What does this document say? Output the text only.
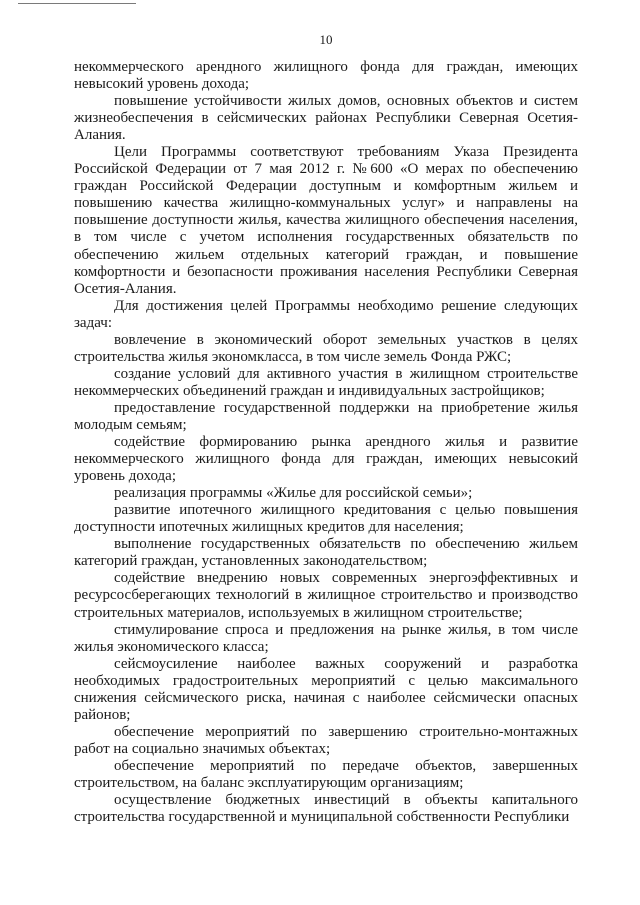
10

некоммерческого арендного жилищного фонда для граждан, имеющих невысокий уровень дохода;

повышение устойчивости жилых домов, основных объектов и систем жизнеобеспечения в сейсмических районах Республики Северная Осетия-Алания.

Цели Программы соответствуют требованиям Указа Президента Российской Федерации от 7 мая 2012 г. №600 «О мерах по обеспечению граждан Российской Федерации доступным и комфортным жильем и повышению качества жилищно-коммунальных услуг» и направлены на повышение доступности жилья, качества жилищного обеспечения населения, в том числе с учетом исполнения государственных обязательств по обеспечению жильем отдельных категорий граждан, и повышение комфортности и безопасности проживания населения Республики Северная Осетия-Алания.

Для достижения целей Программы необходимо решение следующих задач:

вовлечение в экономический оборот земельных участков в целях строительства жилья экономкласса, в том числе земель Фонда РЖС;

создание условий для активного участия в жилищном строительстве некоммерческих объединений граждан и индивидуальных застройщиков;

предоставление государственной поддержки на приобретение жилья молодым семьям;

содействие формированию рынка арендного жилья и развитие некоммерческого жилищного фонда для граждан, имеющих невысокий уровень дохода;

реализация программы «Жилье для российской семьи»;

развитие ипотечного жилищного кредитования с целью повышения доступности ипотечных жилищных кредитов для населения;

выполнение государственных обязательств по обеспечению жильем категорий граждан, установленных законодательством;

содействие внедрению новых современных энергоэффективных и ресурсосберегающих технологий в жилищное строительство и производство строительных материалов, используемых в жилищном строительстве;

стимулирование спроса и предложения на рынке жилья, в том числе жилья экономического класса;

сейсмоусиление наиболее важных сооружений и разработка необходимых градостроительных мероприятий с целью максимального снижения сейсмического риска, начиная с наиболее сейсмически опасных районов;

обеспечение мероприятий по завершению строительно-монтажных работ на социально значимых объектах;

обеспечение мероприятий по передаче объектов, завершенных строительством, на баланс эксплуатирующим организациям;

осуществление бюджетных инвестиций в объекты капитального строительства государственной и муниципальной собственности Республики
